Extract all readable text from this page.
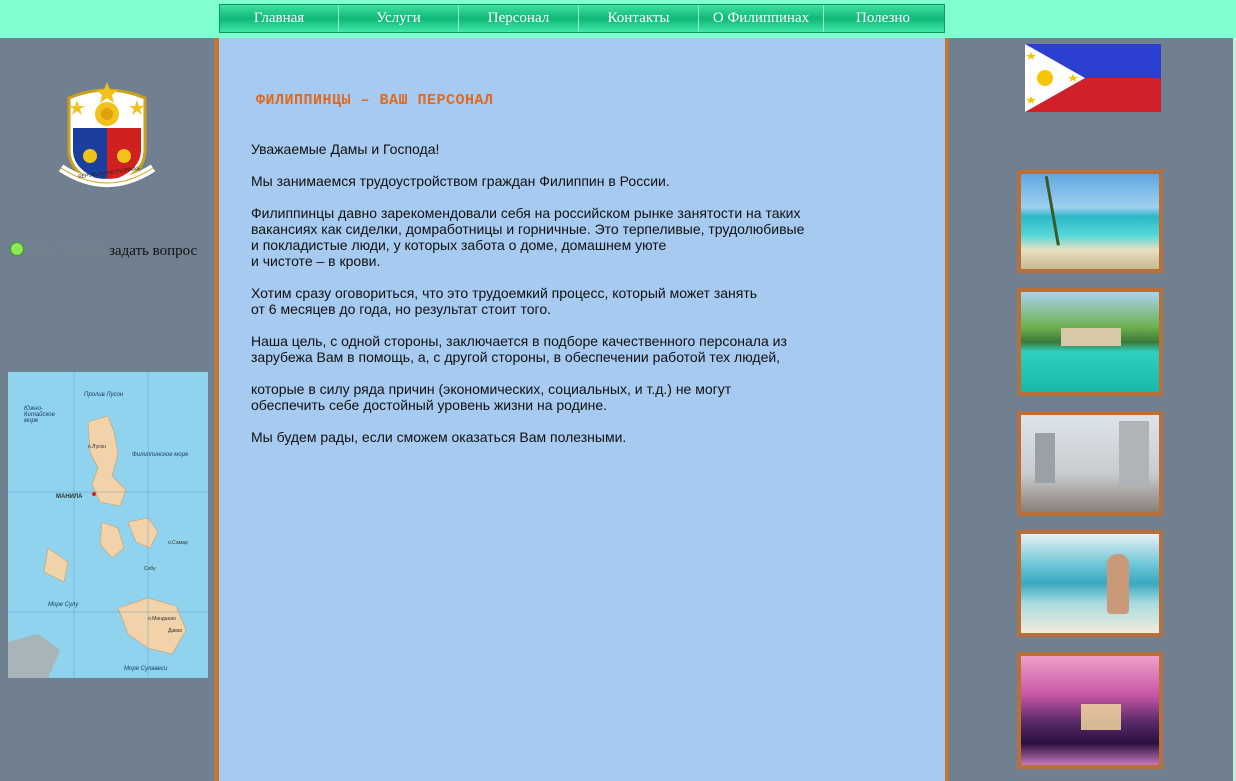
Главная	Услуги	Персонал	Контакты	О Филиппинах	Полезно
REPUBLIKA NG PILIPINAS
492-712-029 задать вопрос
Пролив Лусон
Южно-Китайское море
Филиппинское море
Море Сулу
Море Сулавеси
МАНИЛА
о.Лусон
о.Самар
Себу
о.Минданао
Давао
ФИЛИППИНЦЫ – ВАШ ПЕРСОНАЛ

Уважаемые Дамы и Господа!

Мы занимаемся трудоустройством граждан Филиппин в России.

Филиппинцы давно зарекомендовали себя на российском рынке занятости на таких
вакансиях как сиделки, домработницы и горничные. Это терпеливые, трудолюбивые
и покладистые люди, у которых забота о доме, домашнем уюте
и чистоте – в крови.

Хотим сразу оговориться, что это трудоемкий процесс, который может занять
от 6 месяцев до года, но результат стоит того.

Наша цель, с одной стороны, заключается в подборе качественного персонала из
зарубежа Вам в помощь, а, с другой стороны, в обеспечении работой тех людей,

которые в силу ряда причин (экономических, социальных, и т.д.) не могут
обеспечить себе достойный уровень жизни на родине.

Мы будем рады, если сможем оказаться Вам полезными.
